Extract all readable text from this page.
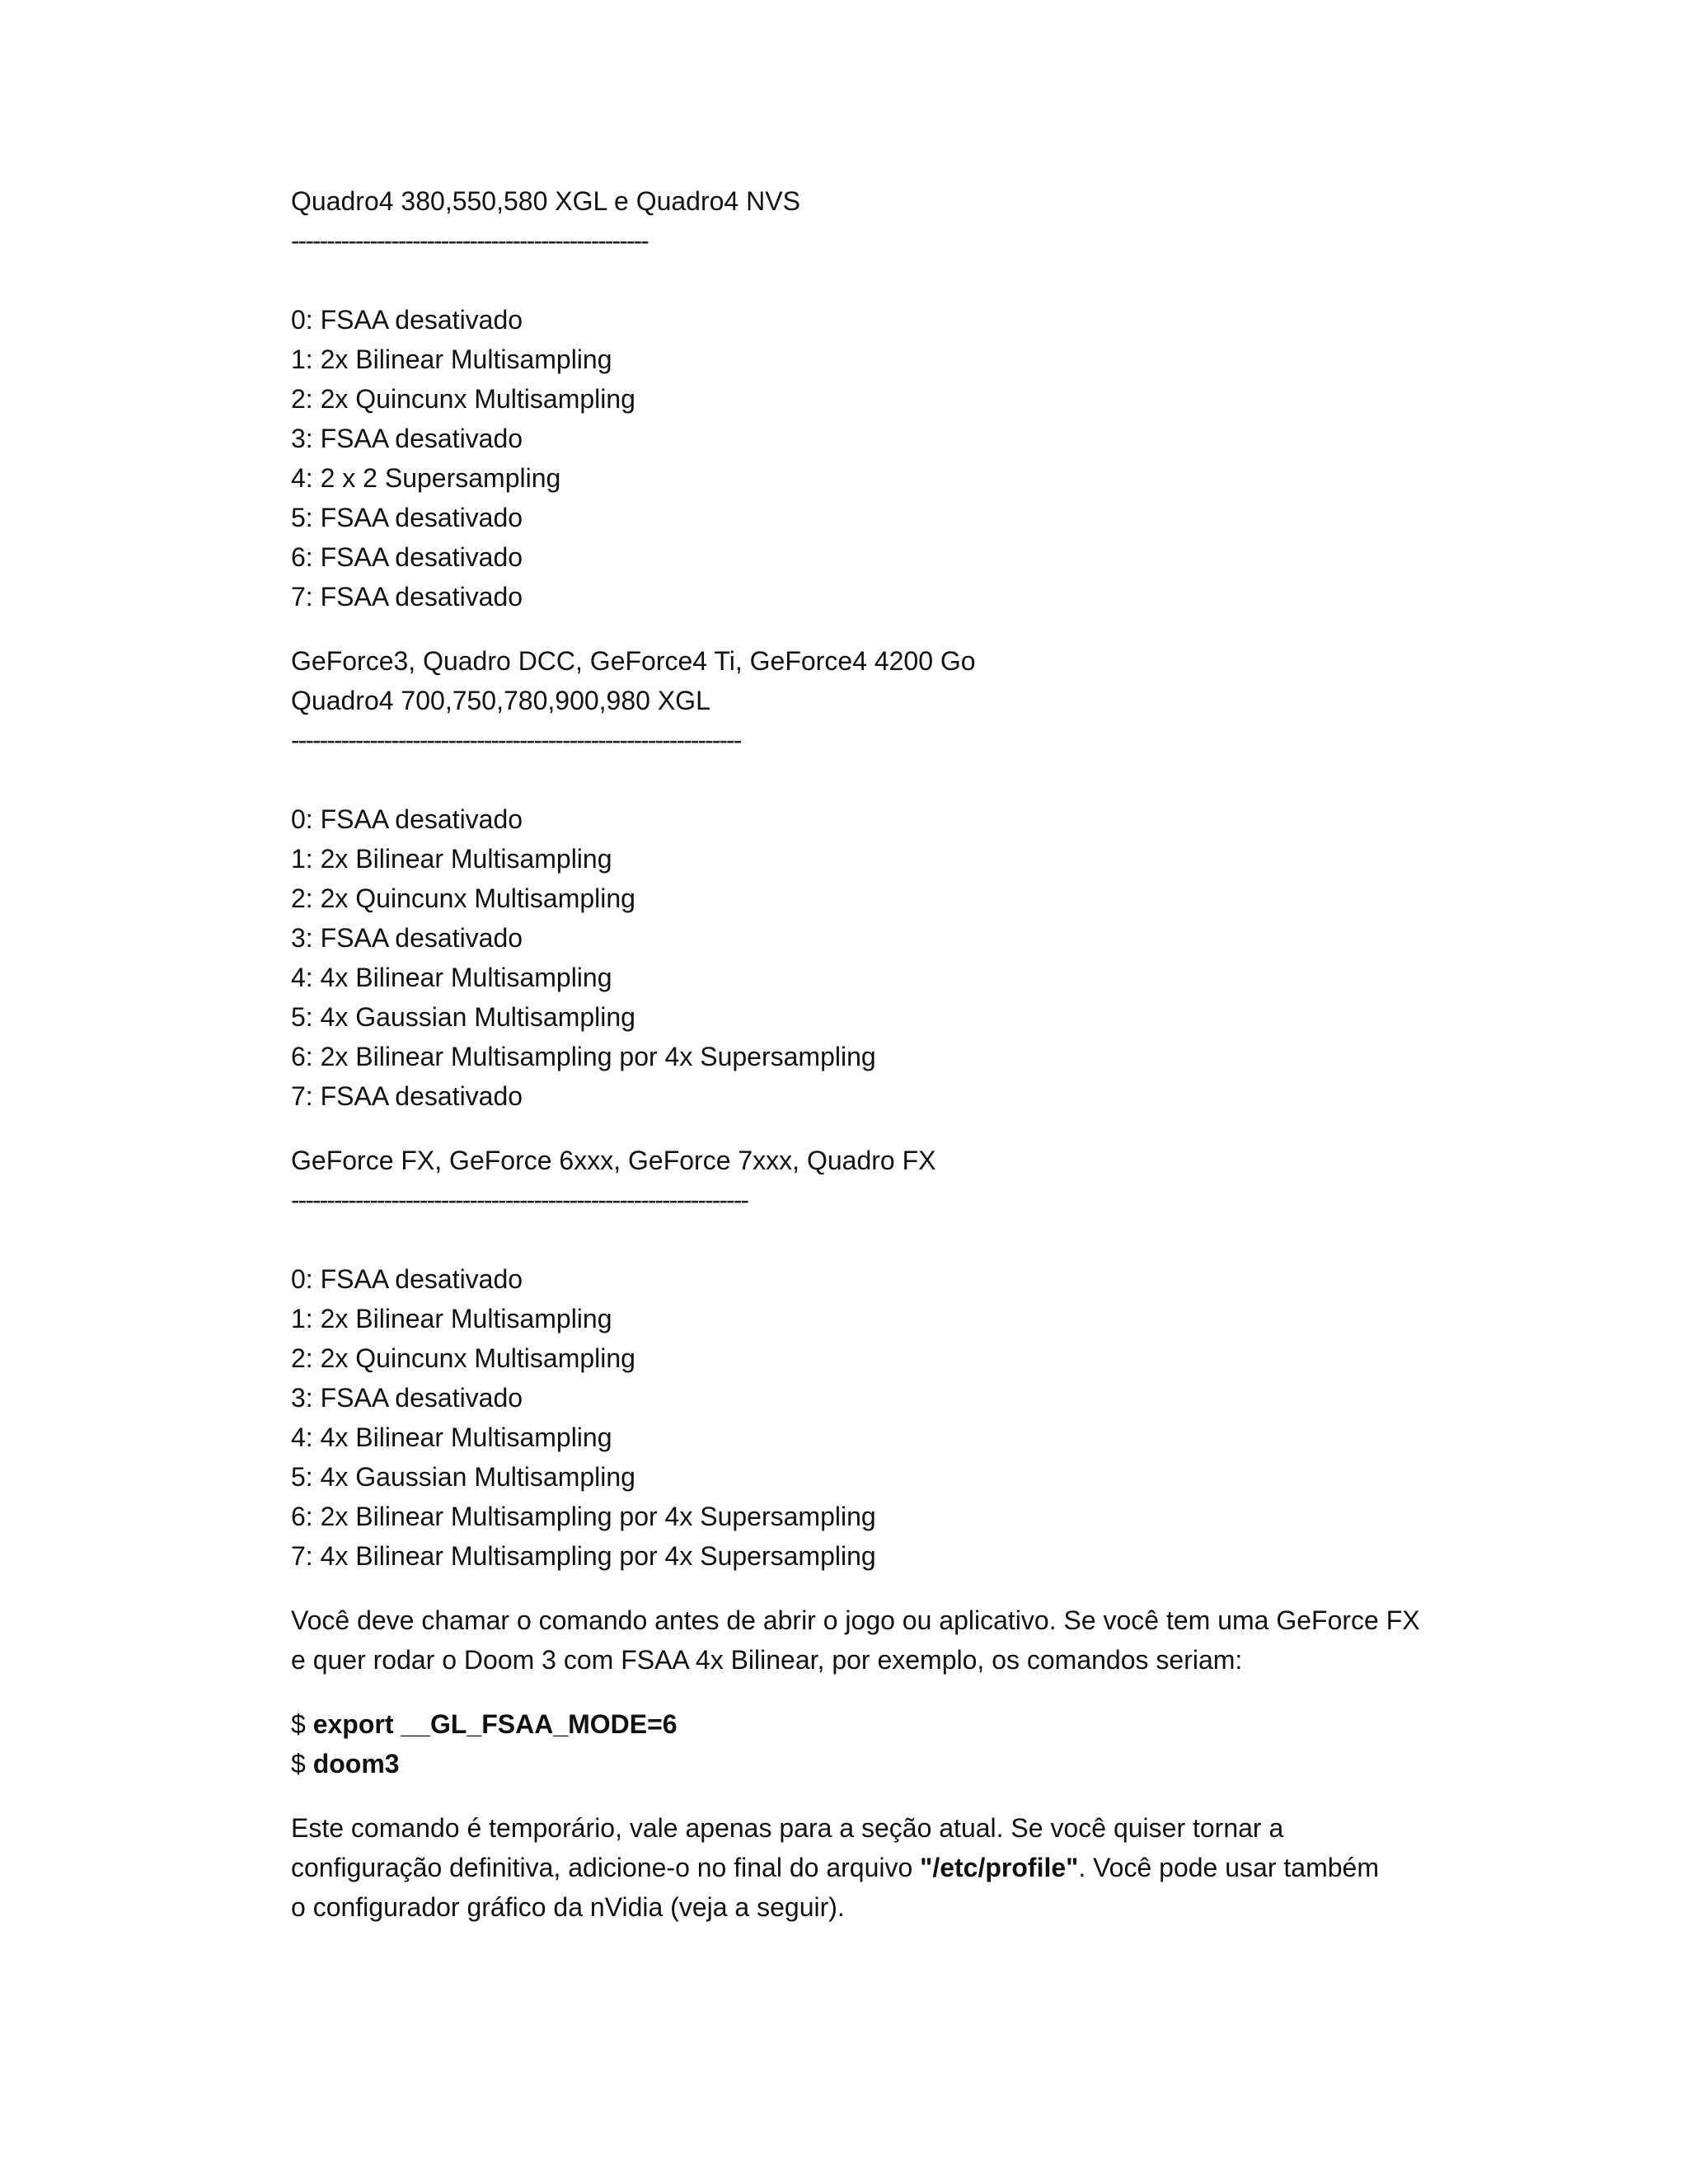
Quadro4 380,550,580 XGL e Quadro4 NVS
--------------------------------------------------
0: FSAA desativado
1: 2x Bilinear Multisampling
2: 2x Quincunx Multisampling
3: FSAA desativado
4: 2 x 2 Supersampling
5: FSAA desativado
6: FSAA desativado
7: FSAA desativado
GeForce3, Quadro DCC, GeForce4 Ti, GeForce4 4200 Go
Quadro4 700,750,780,900,980 XGL
---------------------------------------------------------------
0: FSAA desativado
1: 2x Bilinear Multisampling
2: 2x Quincunx Multisampling
3: FSAA desativado
4: 4x Bilinear Multisampling
5: 4x Gaussian Multisampling
6: 2x Bilinear Multisampling por 4x Supersampling
7: FSAA desativado
GeForce FX, GeForce 6xxx, GeForce 7xxx, Quadro FX
----------------------------------------------------------------
0: FSAA desativado
1: 2x Bilinear Multisampling
2: 2x Quincunx Multisampling
3: FSAA desativado
4: 4x Bilinear Multisampling
5: 4x Gaussian Multisampling
6: 2x Bilinear Multisampling por 4x Supersampling
7: 4x Bilinear Multisampling por 4x Supersampling
Você deve chamar o comando antes de abrir o jogo ou aplicativo. Se você tem uma GeForce FX
e quer rodar o Doom 3 com FSAA 4x Bilinear, por exemplo, os comandos seriam:
$ export __GL_FSAA_MODE=6
$ doom3
Este comando é temporário, vale apenas para a seção atual. Se você quiser tornar a
configuração definitiva, adicione-o no final do arquivo "/etc/profile". Você pode usar também
o configurador gráfico da nVidia (veja a seguir).
